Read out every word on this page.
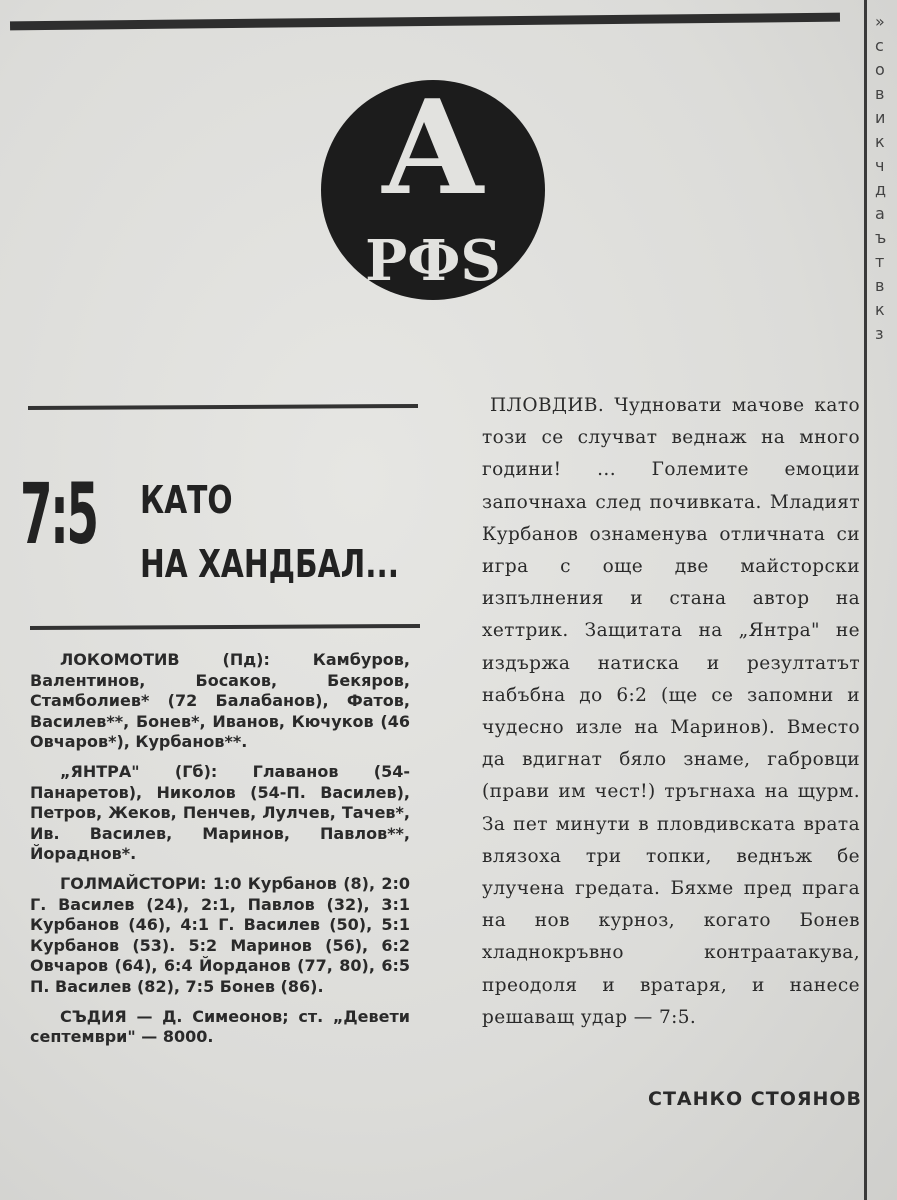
»
с
о
в
и
к
ч
д
а
ъ
т
в
к
з
А
РФЅ
7:5 КАТО
НА ХАНДБАЛ...

ЛОКОМОТИВ (Пд): Камбуров, Валентинов, Босаков, Бекяров, Стамболиев* (72 Балабанов), Фатов, Василев**, Бонев*, Иванов, Кючуков (46 Овчаров*), Курбанов**.

„ЯНТРА" (Гб): Главанов (54-Панаретов), Николов (54-П. Василев), Петров, Жеков, Пенчев, Лулчев, Тачев*, Ив. Василев, Маринов, Павлов**, Йораднов*.

ГОЛМАЙСТОРИ: 1:0 Курбанов (8), 2:0 Г. Василев (24), 2:1, Павлов (32), 3:1 Курбанов (46), 4:1 Г. Василев (50), 5:1 Курбанов (53). 5:2 Маринов (56), 6:2 Овчаров (64), 6:4 Йорданов (77, 80), 6:5 П. Василев (82), 7:5 Бонев (86).

СЪДИЯ — Д. Симеонов; ст. „Девети септември" — 8000.

ПЛОВДИВ. Чудновати мачове като този се случват веднаж на много години! ... Големите емоции започнаха след почивката. Младият Курбанов ознаменува отличната си игра с още две майсторски изпълнения и стана автор на хеттрик. Защитата на „Янтра" не издържа натиска и резултатът набъбна до 6:2 (ще се запомни и чудесно изле на Маринов). Вместо да вдигнат бяло знаме, габровци (прави им чест!) тръгнаха на щурм. За пет минути в пловдивската врата влязоха три топки, веднъж бе улучена гредата. Бяхме пред прага на нов курноз, когато Бонев хладнокръвно контраатакува, преодоля и вратаря, и нанесе решаващ удар — 7:5.

СТАНКО СТОЯНОВ
